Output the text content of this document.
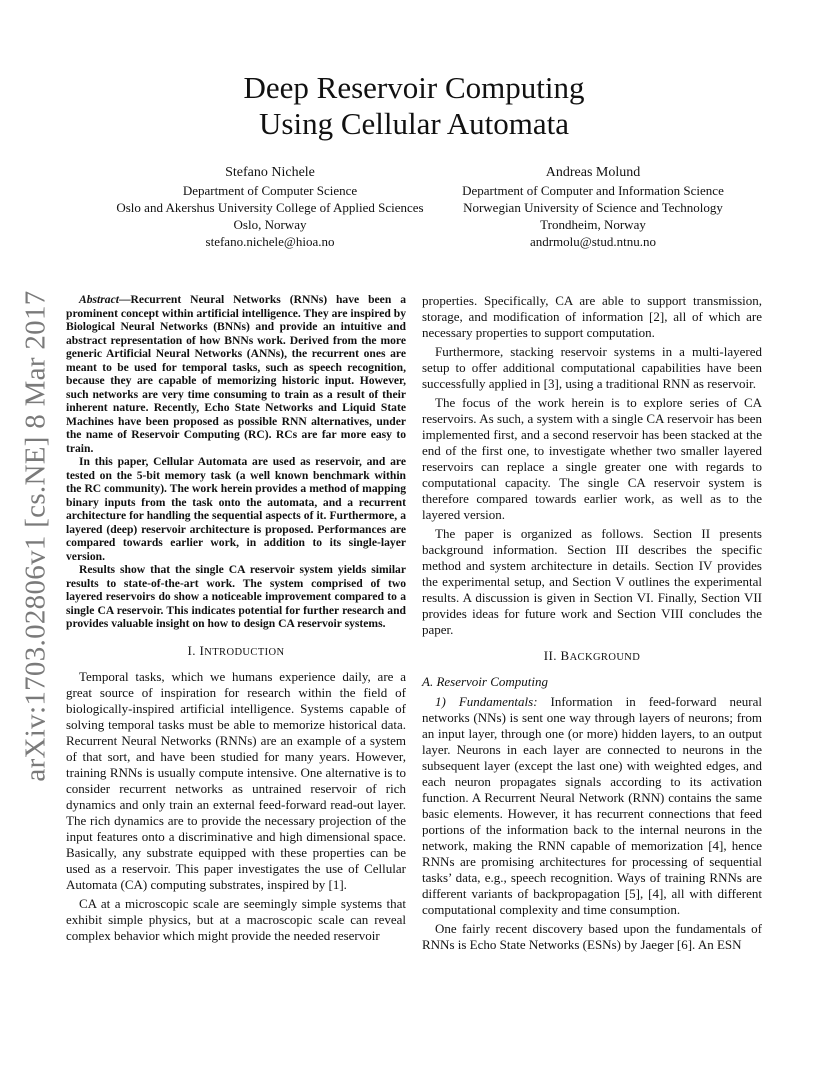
arXiv:1703.02806v1 [cs.NE] 8 Mar 2017
Deep Reservoir Computing
Using Cellular Automata
Stefano Nichele
Department of Computer Science
Oslo and Akershus University College of Applied Sciences
Oslo, Norway
stefano.nichele@hioa.no
Andreas Molund
Department of Computer and Information Science
Norwegian University of Science and Technology
Trondheim, Norway
andrmolu@stud.ntnu.no

Abstract—Recurrent Neural Networks (RNNs) have been a prominent concept within artificial intelligence. They are inspired by Biological Neural Networks (BNNs) and provide an intuitive and abstract representation of how BNNs work. Derived from the more generic Artificial Neural Networks (ANNs), the recurrent ones are meant to be used for temporal tasks, such as speech recognition, because they are capable of memorizing historic input. However, such networks are very time consuming to train as a result of their inherent nature. Recently, Echo State Networks and Liquid State Machines have been proposed as possible RNN alternatives, under the name of Reservoir Computing (RC). RCs are far more easy to train.

In this paper, Cellular Automata are used as reservoir, and are tested on the 5-bit memory task (a well known benchmark within the RC community). The work herein provides a method of mapping binary inputs from the task onto the automata, and a recurrent architecture for handling the sequential aspects of it. Furthermore, a layered (deep) reservoir architecture is proposed. Performances are compared towards earlier work, in addition to its single-layer version.

Results show that the single CA reservoir system yields similar results to state-of-the-art work. The system comprised of two layered reservoirs do show a noticeable improvement compared to a single CA reservoir. This indicates potential for further research and provides valuable insight on how to design CA reservoir systems.

I. INTRODUCTION

Temporal tasks, which we humans experience daily, are a great source of inspiration for research within the field of biologically-inspired artificial intelligence. Systems capable of solving temporal tasks must be able to memorize historical data. Recurrent Neural Networks (RNNs) are an example of a system of that sort, and have been studied for many years. However, training RNNs is usually compute intensive. One alternative is to consider recurrent networks as untrained reservoir of rich dynamics and only train an external feed-forward read-out layer. The rich dynamics are to provide the necessary projection of the input features onto a discriminative and high dimensional space. Basically, any substrate equipped with these properties can be used as a reservoir. This paper investigates the use of Cellular Automata (CA) computing substrates, inspired by [1].

CA at a microscopic scale are seemingly simple systems that exhibit simple physics, but at a macroscopic scale can reveal complex behavior which might provide the needed reservoir

properties. Specifically, CA are able to support transmission, storage, and modification of information [2], all of which are necessary properties to support computation.

Furthermore, stacking reservoir systems in a multi-layered setup to offer additional computational capabilities have been successfully applied in [3], using a traditional RNN as reservoir.

The focus of the work herein is to explore series of CA reservoirs. As such, a system with a single CA reservoir has been implemented first, and a second reservoir has been stacked at the end of the first one, to investigate whether two smaller layered reservoirs can replace a single greater one with regards to computational capacity. The single CA reservoir system is therefore compared towards earlier work, as well as to the layered version.

The paper is organized as follows. Section II presents background information. Section III describes the specific method and system architecture in details. Section IV provides the experimental setup, and Section V outlines the experimental results. A discussion is given in Section VI. Finally, Section VII provides ideas for future work and Section VIII concludes the paper.

II. BACKGROUND
A. Reservoir Computing

1) Fundamentals: Information in feed-forward neural networks (NNs) is sent one way through layers of neurons; from an input layer, through one (or more) hidden layers, to an output layer. Neurons in each layer are connected to neurons in the subsequent layer (except the last one) with weighted edges, and each neuron propagates signals according to its activation function. A Recurrent Neural Network (RNN) contains the same basic elements. However, it has recurrent connections that feed portions of the information back to the internal neurons in the network, making the RNN capable of memorization [4], hence RNNs are promising architectures for processing of sequential tasks’ data, e.g., speech recognition. Ways of training RNNs are different variants of backpropagation [5], [4], all with different computational complexity and time consumption.

One fairly recent discovery based upon the fundamentals of RNNs is Echo State Networks (ESNs) by Jaeger [6]. An ESN
